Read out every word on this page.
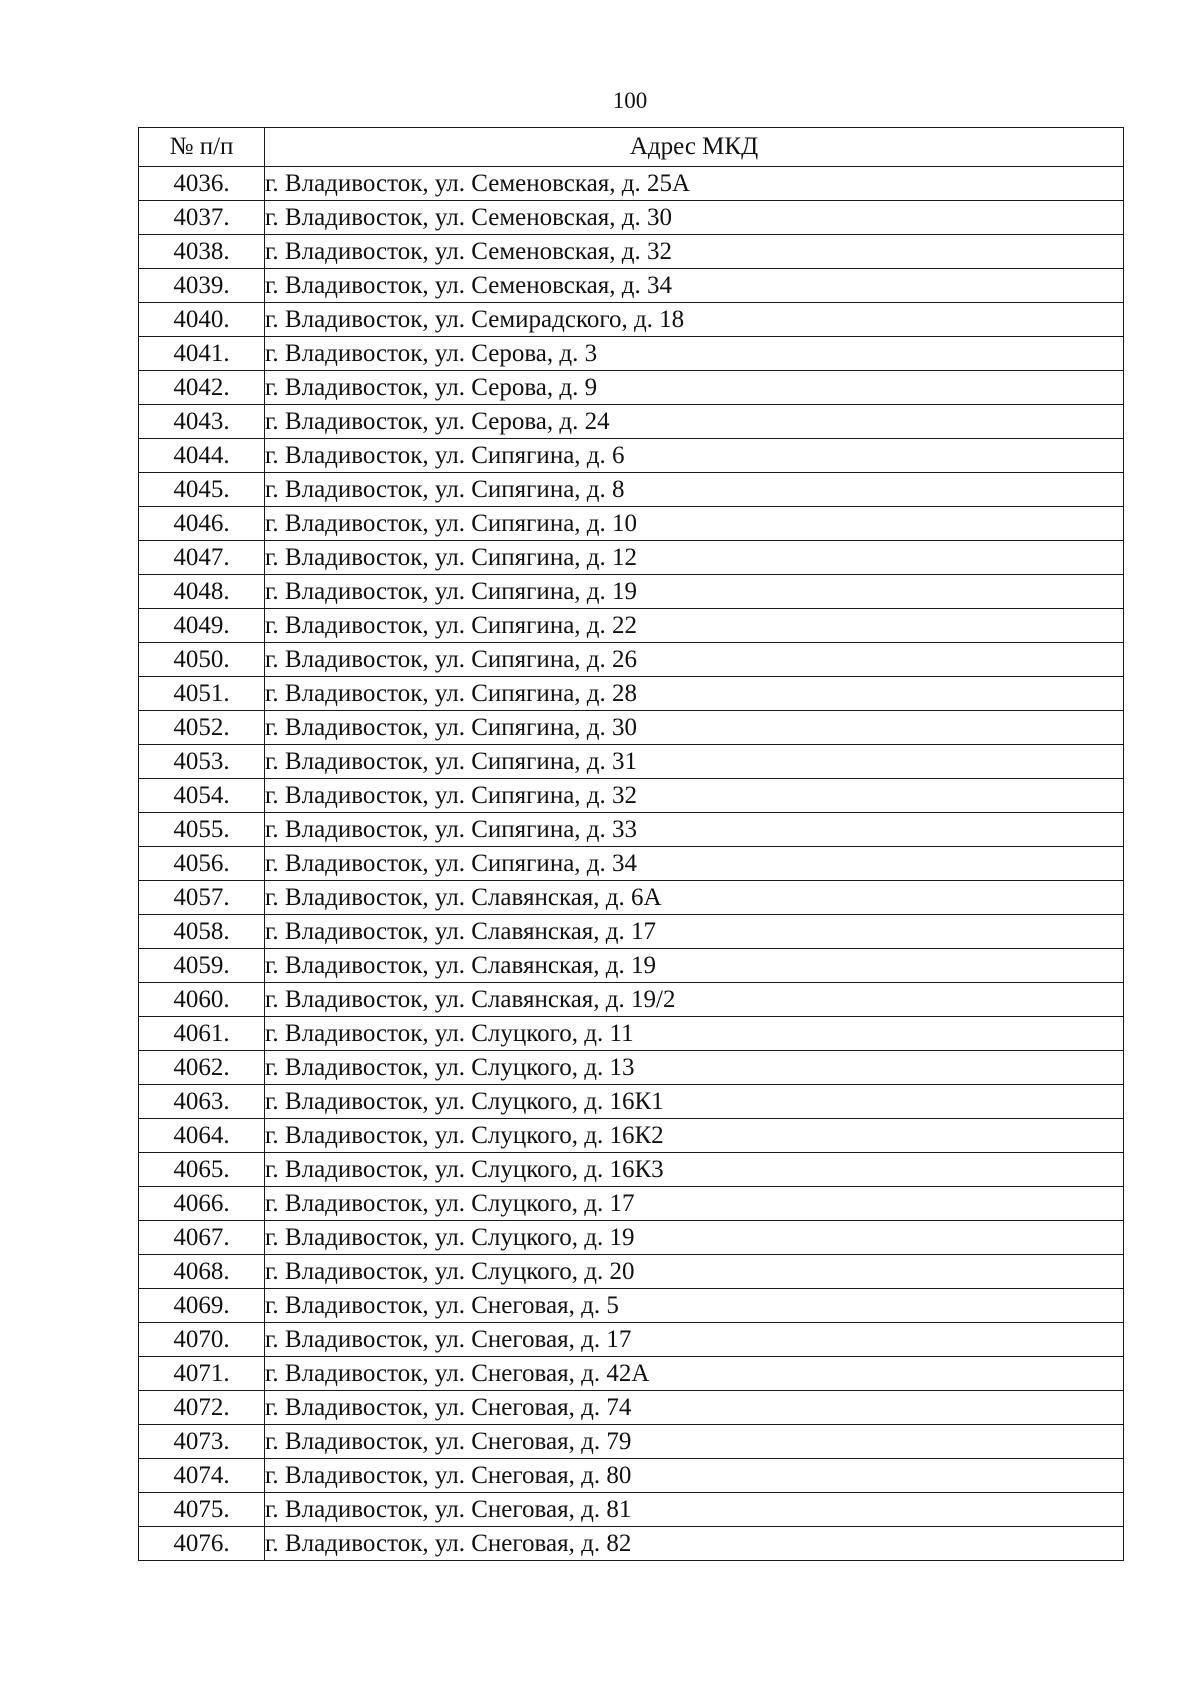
100
№ п/п	Адрес МКД
4036.	г. Владивосток, ул. Семеновская, д. 25А
4037.	г. Владивосток, ул. Семеновская, д. 30
4038.	г. Владивосток, ул. Семеновская, д. 32
4039.	г. Владивосток, ул. Семеновская, д. 34
4040.	г. Владивосток, ул. Семирадского, д. 18
4041.	г. Владивосток, ул. Серова, д. 3
4042.	г. Владивосток, ул. Серова, д. 9
4043.	г. Владивосток, ул. Серова, д. 24
4044.	г. Владивосток, ул. Сипягина, д. 6
4045.	г. Владивосток, ул. Сипягина, д. 8
4046.	г. Владивосток, ул. Сипягина, д. 10
4047.	г. Владивосток, ул. Сипягина, д. 12
4048.	г. Владивосток, ул. Сипягина, д. 19
4049.	г. Владивосток, ул. Сипягина, д. 22
4050.	г. Владивосток, ул. Сипягина, д. 26
4051.	г. Владивосток, ул. Сипягина, д. 28
4052.	г. Владивосток, ул. Сипягина, д. 30
4053.	г. Владивосток, ул. Сипягина, д. 31
4054.	г. Владивосток, ул. Сипягина, д. 32
4055.	г. Владивосток, ул. Сипягина, д. 33
4056.	г. Владивосток, ул. Сипягина, д. 34
4057.	г. Владивосток, ул. Славянская, д. 6А
4058.	г. Владивосток, ул. Славянская, д. 17
4059.	г. Владивосток, ул. Славянская, д. 19
4060.	г. Владивосток, ул. Славянская, д. 19/2
4061.	г. Владивосток, ул. Слуцкого, д. 11
4062.	г. Владивосток, ул. Слуцкого, д. 13
4063.	г. Владивосток, ул. Слуцкого, д. 16К1
4064.	г. Владивосток, ул. Слуцкого, д. 16К2
4065.	г. Владивосток, ул. Слуцкого, д. 16К3
4066.	г. Владивосток, ул. Слуцкого, д. 17
4067.	г. Владивосток, ул. Слуцкого, д. 19
4068.	г. Владивосток, ул. Слуцкого, д. 20
4069.	г. Владивосток, ул. Снеговая, д. 5
4070.	г. Владивосток, ул. Снеговая, д. 17
4071.	г. Владивосток, ул. Снеговая, д. 42А
4072.	г. Владивосток, ул. Снеговая, д. 74
4073.	г. Владивосток, ул. Снеговая, д. 79
4074.	г. Владивосток, ул. Снеговая, д. 80
4075.	г. Владивосток, ул. Снеговая, д. 81
4076.	г. Владивосток, ул. Снеговая, д. 82
